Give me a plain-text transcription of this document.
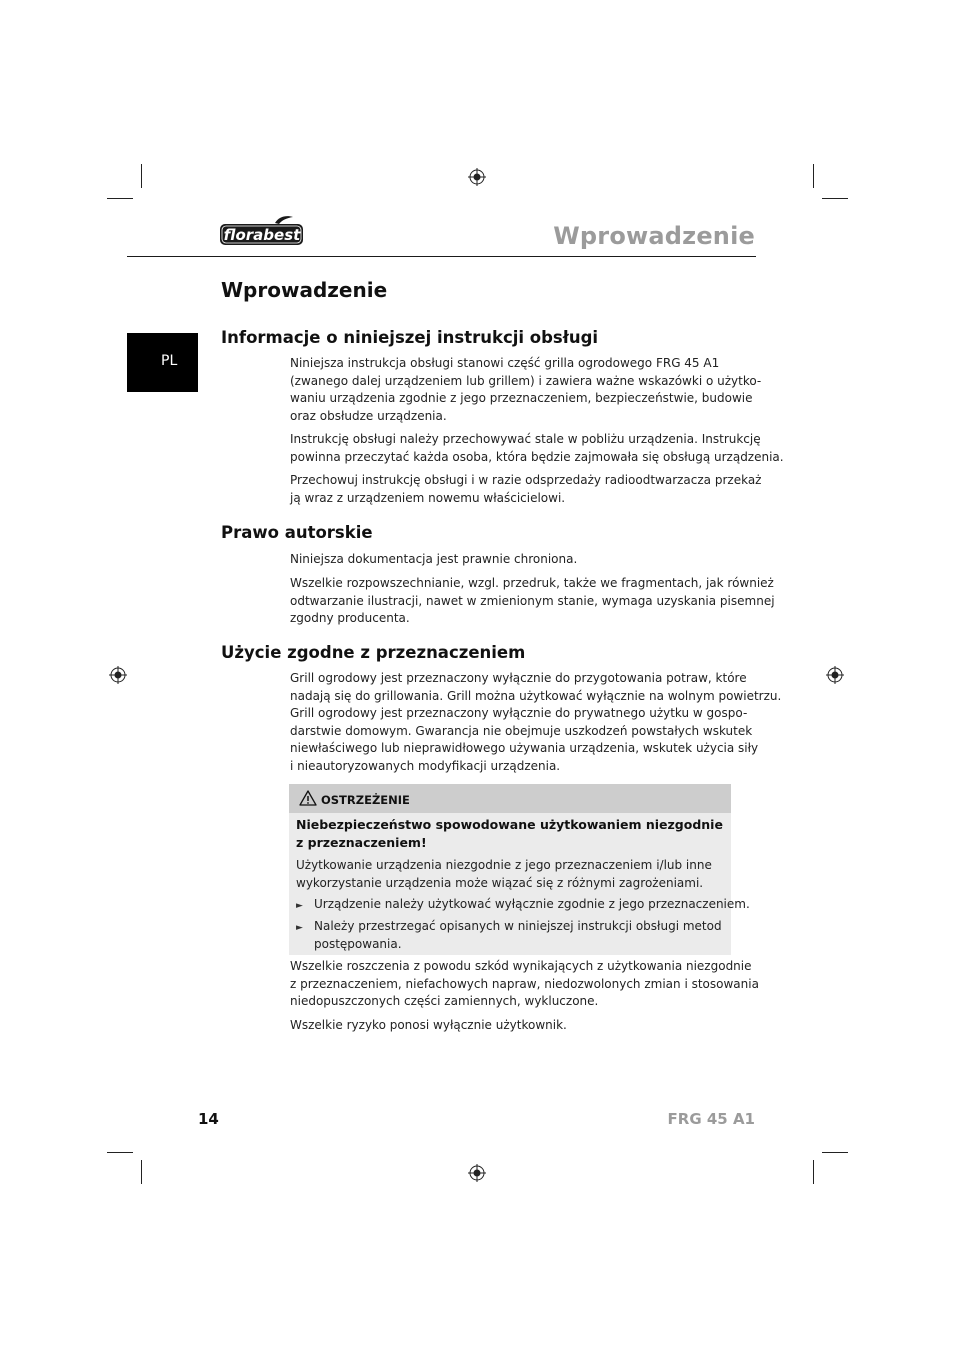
florabest	Wprowadzenie
PL
Wprowadzenie
Informacje o niniejszej instrukcji obsługi

Niniejsza instrukcja obsługi stanowi część grilla ogrodowego FRG 45 A1
(zwanego dalej urządzeniem lub grillem) i zawiera ważne wskazówki o użytko-
waniu urządzenia zgodnie z jego przeznaczeniem, bezpieczeństwie, budowie
oraz obsłudze urządzenia.

Instrukcję obsługi należy przechowywać stale w pobliżu urządzenia. Instrukcję
powinna przeczytać każda osoba, która będzie zajmowała się obsługą urządzenia.

Przechowuj instrukcję obsługi i w razie odsprzedaży radioodtwarzacza przekaż
ją wraz z urządzeniem nowemu właścicielowi.

Prawo autorskie

Niniejsza dokumentacja jest prawnie chroniona.

Wszelkie rozpowszechnianie, wzgl. przedruk, także we fragmentach, jak również
odtwarzanie ilustracji, nawet w zmienionym stanie, wymaga uzyskania pisemnej
zgodny producenta.

Użycie zgodne z przeznaczeniem

Grill ogrodowy jest przeznaczony wyłącznie do przygotowania potraw, które
nadają się do grillowania. Grill można użytkować wyłącznie na wolnym powietrzu.
Grill ogrodowy jest przeznaczony wyłącznie do prywatnego użytku w gospo-
darstwie domowym. Gwarancja nie obejmuje uszkodzeń powstałych wskutek
niewłaściwego lub nieprawidłowego używania urządzenia, wskutek użycia siły
i nieautoryzowanych modyfikacji urządzenia.

OSTRZEŻENIE
Niebezpieczeństwo spowodowane użytkowaniem niezgodnie
z przeznaczeniem!
Użytkowanie urządzenia niezgodnie z jego przeznaczeniem i/lub inne
wykorzystanie urządzenia może wiązać się z różnymi zagrożeniami.
► Urządzenie należy użytkować wyłącznie zgodnie z jego przeznaczeniem.
► Należy przestrzegać opisanych w niniejszej instrukcji obsługi metod
postępowania.

Wszelkie roszczenia z powodu szkód wynikających z użytkowania niezgodnie
z przeznaczeniem, niefachowych napraw, niedozwolonych zmian i stosowania
niedopuszczonych części zamiennych, wykluczone.

Wszelkie ryzyko ponosi wyłącznie użytkownik.

14	FRG 45 A1
